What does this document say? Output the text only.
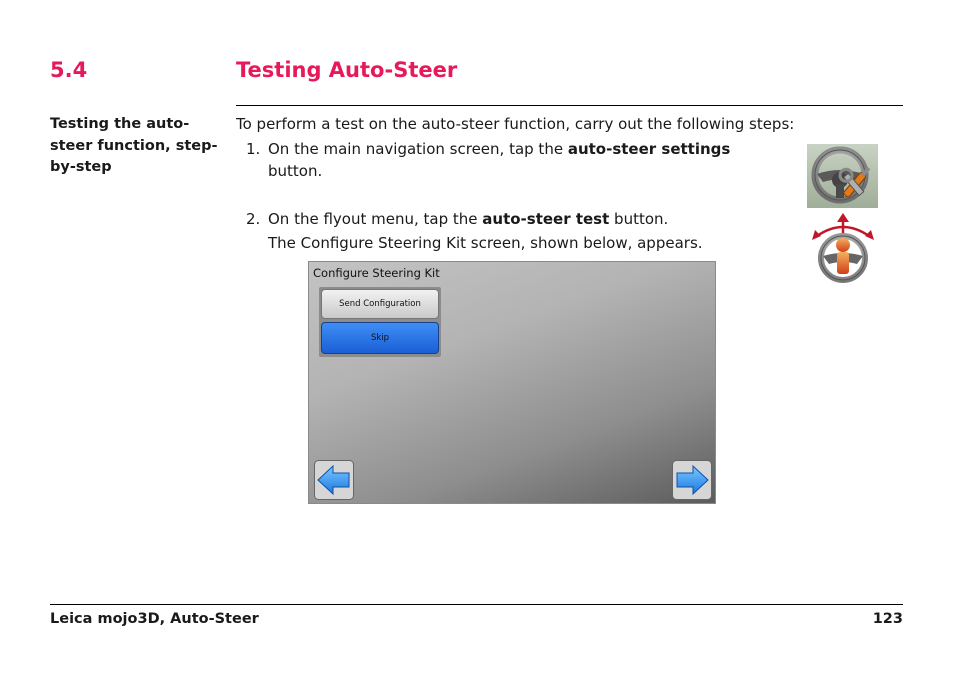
5.4	Testing Auto-Steer
Testing the auto-steer function, step-by-step

To perform a test on the auto-steer function, carry out the following steps:

1. On the main navigation screen, tap the auto-steer settings
button.
2. On the flyout menu, tap the auto-steer test button.
The Configure Steering Kit screen, shown below, appears.
Configure Steering Kit
Send Configuration
Skip
Leica mojo3D, Auto-Steer	123
